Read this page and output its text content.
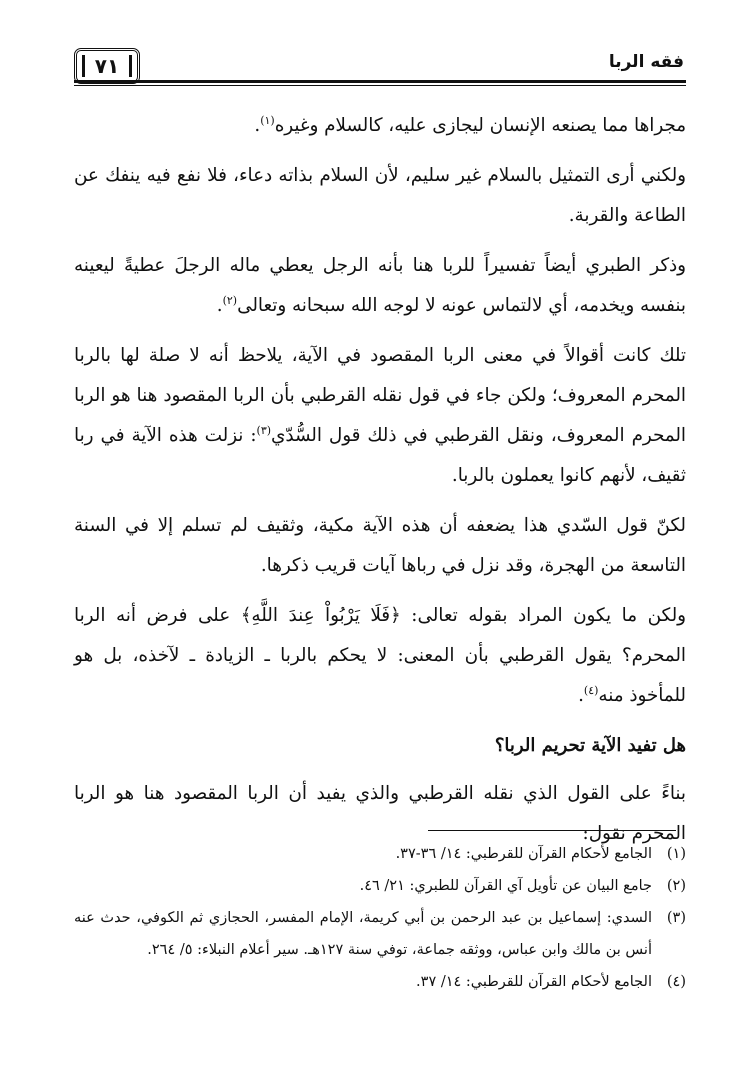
٧١	فقه الربا

مجراها مما يصنعه الإنسان ليجازى عليه، كالسلام وغيره$^{(١)}$.

ولكني أرى التمثيل بالسلام غير سليم، لأن السلام بذاته دعاء، فلا نفع فيه ينفك عن الطاعة والقربة.

وذكر الطبري أيضاً تفسيراً للربا هنا بأنه الرجل يعطي ماله الرجلَ عطيةً ليعينه بنفسه ويخدمه، أي لالتماس عونه لا لوجه الله سبحانه وتعالى$^{(٢)}$.

تلك كانت أقوالاً في معنى الربا المقصود في الآية، يلاحظ أنه لا صلة لها بالربا المحرم المعروف؛ ولكن جاء في قول نقله القرطبي بأن الربا المقصود هنا هو الربا المحرم المعروف، ونقل القرطبي في ذلك قول السُّدّي$^{(٣)}$: نزلت هذه الآية في ربا ثقيف، لأنهم كانوا يعملون بالربا.

لكنّ قول السّدي هذا يضعفه أن هذه الآية مكية، وثقيف لم تسلم إلا في السنة التاسعة من الهجرة، وقد نزل في رباها آيات قريب ذكرها.

ولكن ما يكون المراد بقوله تعالى: ﴿فَلَا يَرْبُواْ عِندَ اللَّهِ﴾ على فرض أنه الربا المحرم؟ يقول القرطبي بأن المعنى: لا يحكم بالربا ـ الزيادة ـ لآخذه، بل هو للمأخوذ منه$^{(٤)}$.

هل تفيد الآية تحريم الربا؟

بناءً على القول الذي نقله القرطبي والذي يفيد أن الربا المقصود هنا هو الربا المحرم نقول:

(١)
الجامع لأحكام القرآن للقرطبي: ١٤/ ٣٦-٣٧.
(٢)
جامع البيان عن تأويل آي القرآن للطبري: ٢١/ ٤٦.
(٣)
السدي: إسماعيل بن عبد الرحمن بن أبي كريمة، الإمام المفسر، الحجازي ثم الكوفي، حدث عنه أنس بن مالك وابن عباس، ووثقه جماعة، توفي سنة ١٢٧هـ. سير أعلام النبلاء: ٥/ ٢٦٤.
(٤)
الجامع لأحكام القرآن للقرطبي: ١٤/ ٣٧.
